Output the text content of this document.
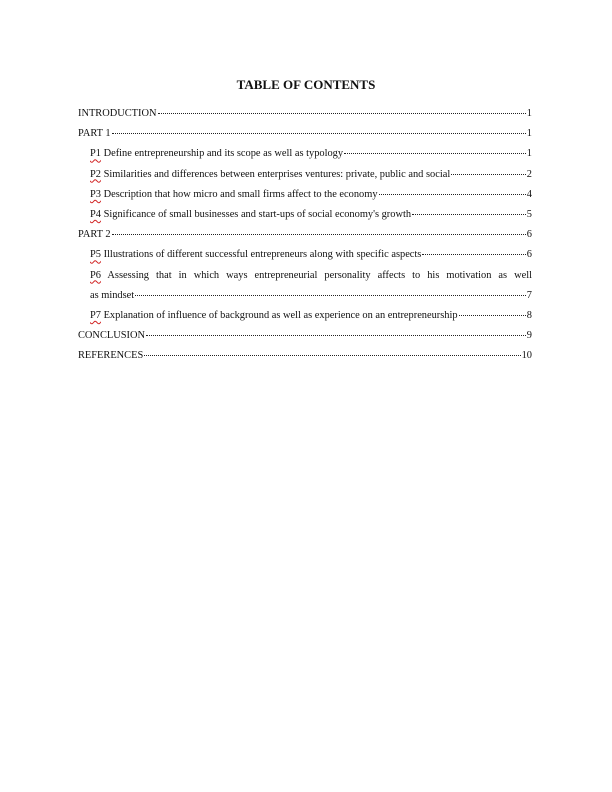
TABLE OF CONTENTS
INTRODUCTION	1
PART 1	1
P1 Define entrepreneurship and its scope as well as typology	1
P2 Similarities and differences between enterprises ventures: private, public and social	2
P3 Description that how micro and small firms affect to the economy	4
P4 Significance of small businesses and start-ups of social economy's growth	5
PART 2	6
P5 Illustrations of different successful entrepreneurs along with specific aspects	6
P6 Assessing that in which ways entrepreneurial personality affects to his motivation as well
as mindset	7
P7 Explanation of influence of background as well as experience on an entrepreneurship	8
CONCLUSION	9
REFERENCES	10
